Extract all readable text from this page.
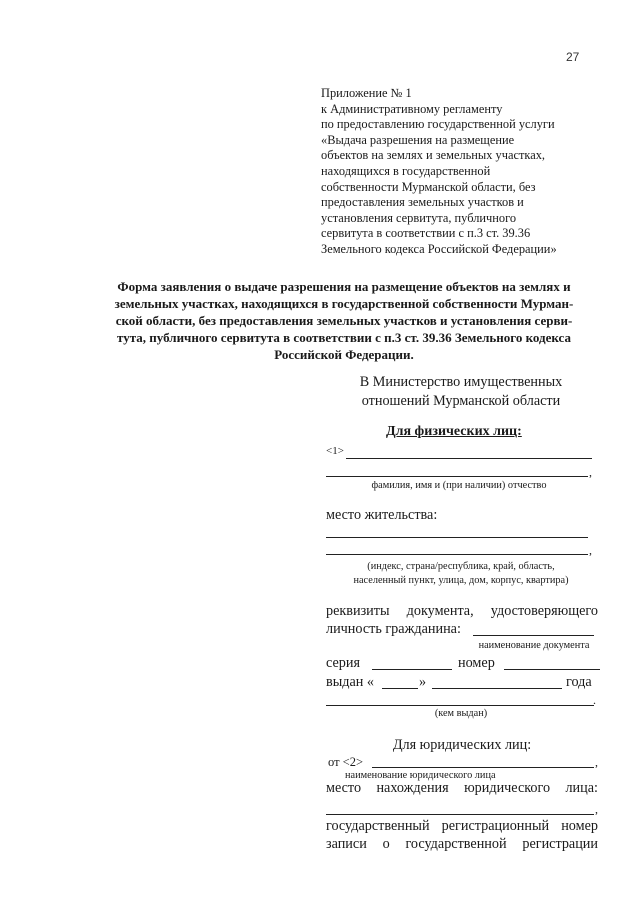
27
Приложение № 1
к Административному регламенту
по предоставлению государственной услуги
«Выдача разрешения на размещение
объектов на землях и земельных участках,
находящихся в государственной
собственности Мурманской области, без
предоставления земельных участков и
установления сервитута, публичного
сервитута в соответствии с п.3 ст. 39.36
Земельного кодекса Российской Федерации»
Форма заявления о выдаче разрешения на размещение объектов на землях и
земельных участках, находящихся в государственной собственности Мурман-
ской области, без предоставления земельных участков и установления серви-
тута, публичного сервитута в соответствии с п.3 ст. 39.36 Земельного кодекса
Российской Федерации.
В Министерство имущественных
отношений Мурманской области
Для физических лиц:
<1>
,
фамилия, имя и (при наличии) отчество
место жительства:
,
(индекс, страна/республика, край, область,
населенный пункт, улица, дом, корпус, квартира)
реквизиты документа, удостоверяющего
личность гражданина:
наименование документа
серия	номер
выдан «	»	года
.
(кем выдан)
Для юридических лиц:
от <2>	,
наименование юридического лица
место нахождения юридического лица:
,
государственный регистрационный номер
записи о государственной регистрации
